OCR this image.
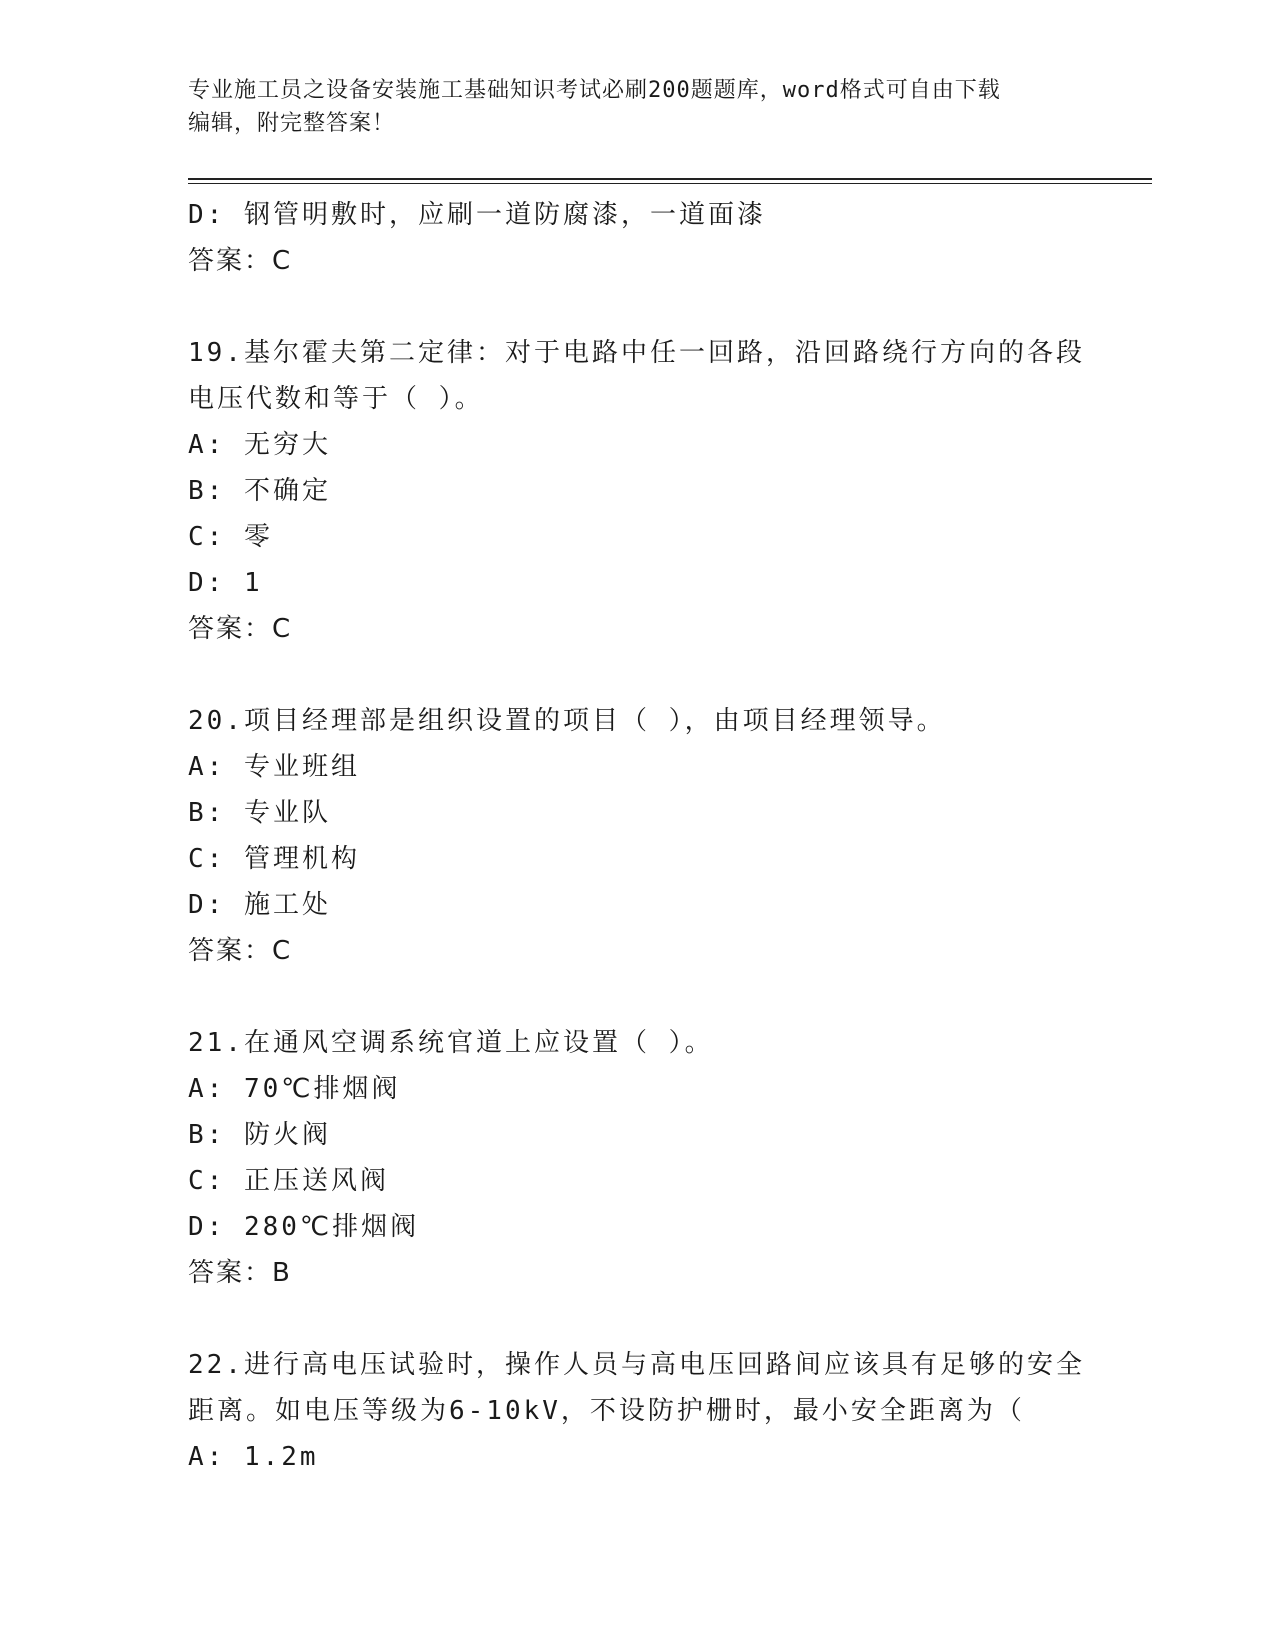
专业施工员之设备安装施工基础知识考试必刷200题题库，word格式可自由下载
编辑，附完整答案！
D: 钢管明敷时，应刷一道防腐漆，一道面漆
答案：C
19.基尔霍夫第二定律：对于电路中任一回路，沿回路绕行方向的各段
电压代数和等于（ ）。
A: 无穷大
B: 不确定
C: 零
D: 1
答案：C
20.项目经理部是组织设置的项目（ ），由项目经理领导。
A: 专业班组
B: 专业队
C: 管理机构
D: 施工处
答案：C
21.在通风空调系统官道上应设置（ ）。
A: 70℃排烟阀
B: 防火阀
C: 正压送风阀
D: 280℃排烟阀
答案：B
22.进行高电压试验时，操作人员与高电压回路间应该具有足够的安全
距离。如电压等级为6-10kV，不设防护栅时，最小安全距离为（
A: 1.2m
